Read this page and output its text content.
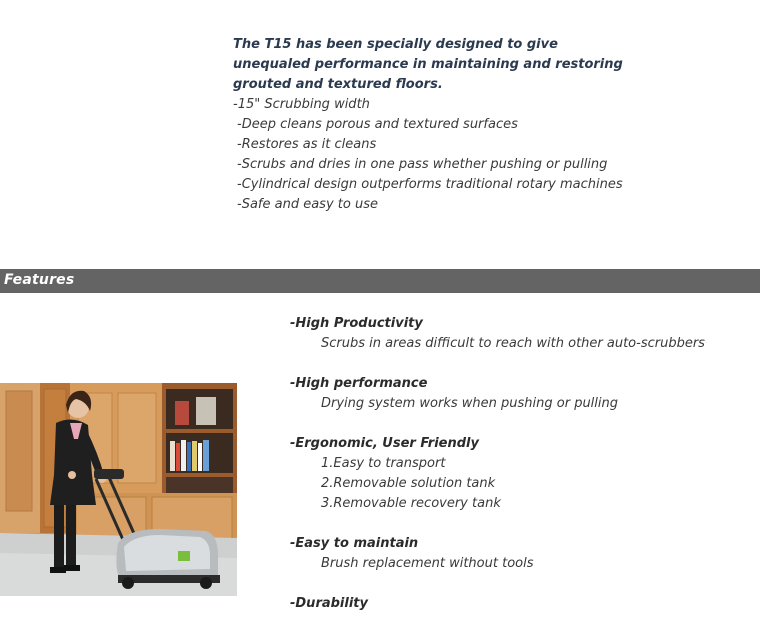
The T15 has been specially designed to give unequaled performance in maintaining and restoring grouted and textured floors.
-15" Scrubbing width
-Deep cleans porous and textured surfaces
-Restores as it cleans
-Scrubs and dries in one pass whether pushing or pulling
-Cylindrical design outperforms traditional rotary machines
-Safe and easy to use
Features
-High Productivity
Scrubs in areas difficult to reach with other auto-scrubbers
-High performance
Drying system works when pushing or pulling
-Ergonomic, User Friendly
1.Easy to transport
2.Removable solution tank
3.Removable recovery tank
-Easy to maintain
Brush replacement without tools
-Durability
